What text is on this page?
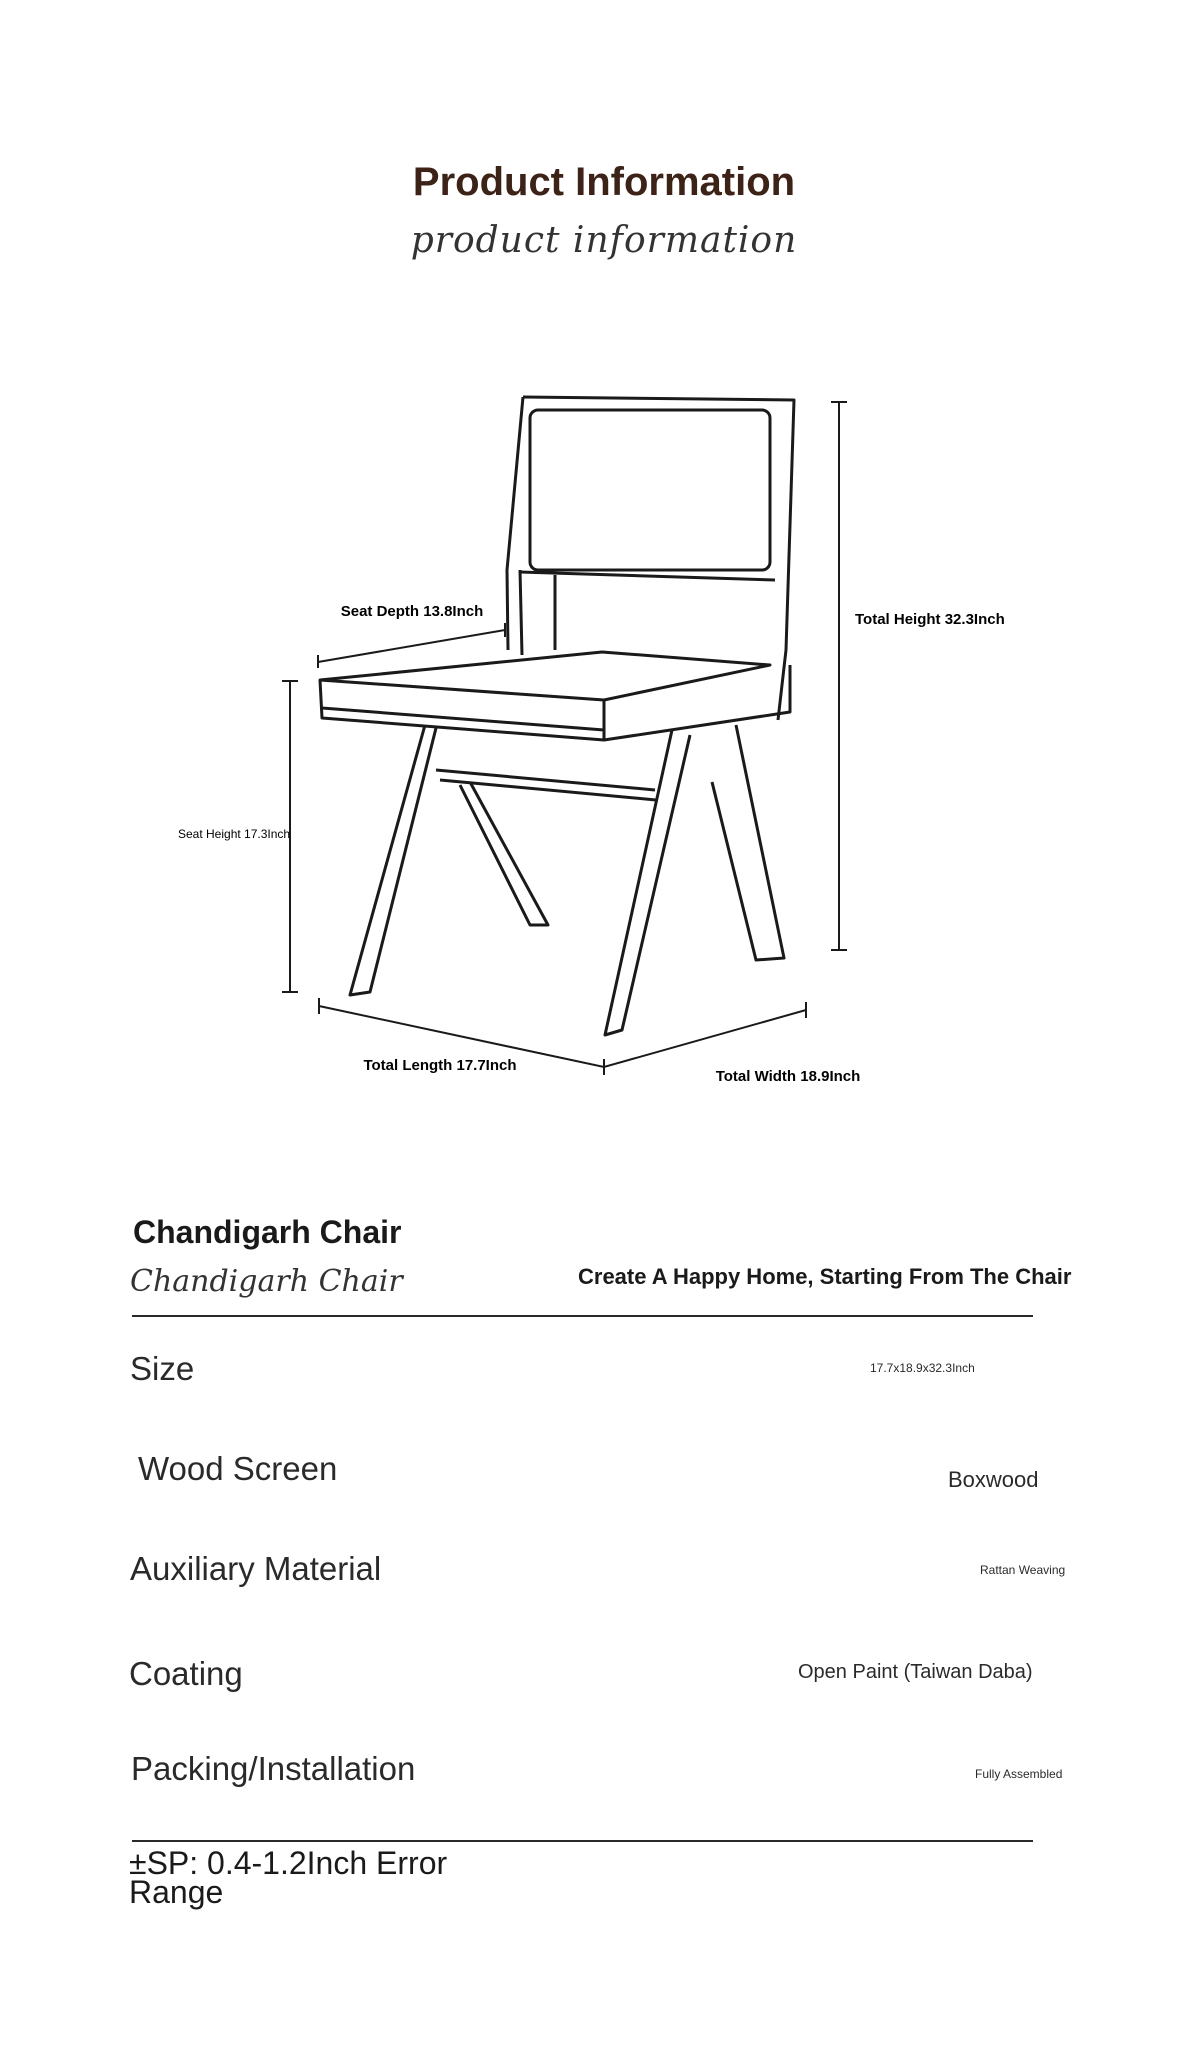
Product Information
product information
Seat Depth 13.8Inch	Total Height 32.3Inch
Seat Height 17.3Inch
Total Length 17.7Inch
Total Width 18.9Inch
Chandigarh Chair
Chandigarh Chair	Create A Happy Home, Starting From The Chair
Size	17.7x18.9x32.3Inch
Wood Screen	Boxwood
Auxiliary Material	Rattan Weaving
Coating	Open Paint (Taiwan Daba)
Packing/Installation	Fully Assembled
±SP: 0.4-1.2Inch Error Range
